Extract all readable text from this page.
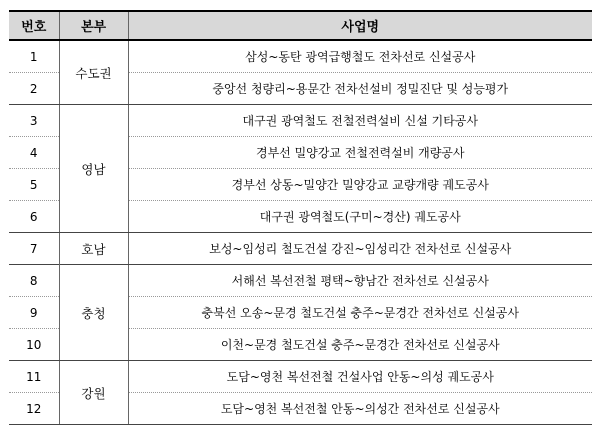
번호	본부	사업명
1	수도권	삼성~동탄 광역급행철도 전차선로 신설공사
2		중앙선 청량리~용문간 전차선설비 정밀진단 및 성능평가
3	영남	대구권 광역철도 전철전력설비 신설 기타공사
4		경부선 밀양강교 전철전력설비 개량공사
5		경부선 상동~밀양간 밀양강교 교량개량 궤도공사
6		대구권 광역철도(구미~경산) 궤도공사
7	호남	보성~임성리 철도건설 강진~임성리간 전차선로 신설공사
8	충청	서해선 복선전철 평택~향남간 전차선로 신설공사
9		충북선 오송~문경 철도건설 충주~문경간 전차선로 신설공사
10		이천~문경 철도건설 충주~문경간 전차선로 신설공사
11	강원	도담~영천 복선전철 건설사업 안동~의성 궤도공사
12		도담~영천 복선전철 안동~의성간 전차선로 신설공사
